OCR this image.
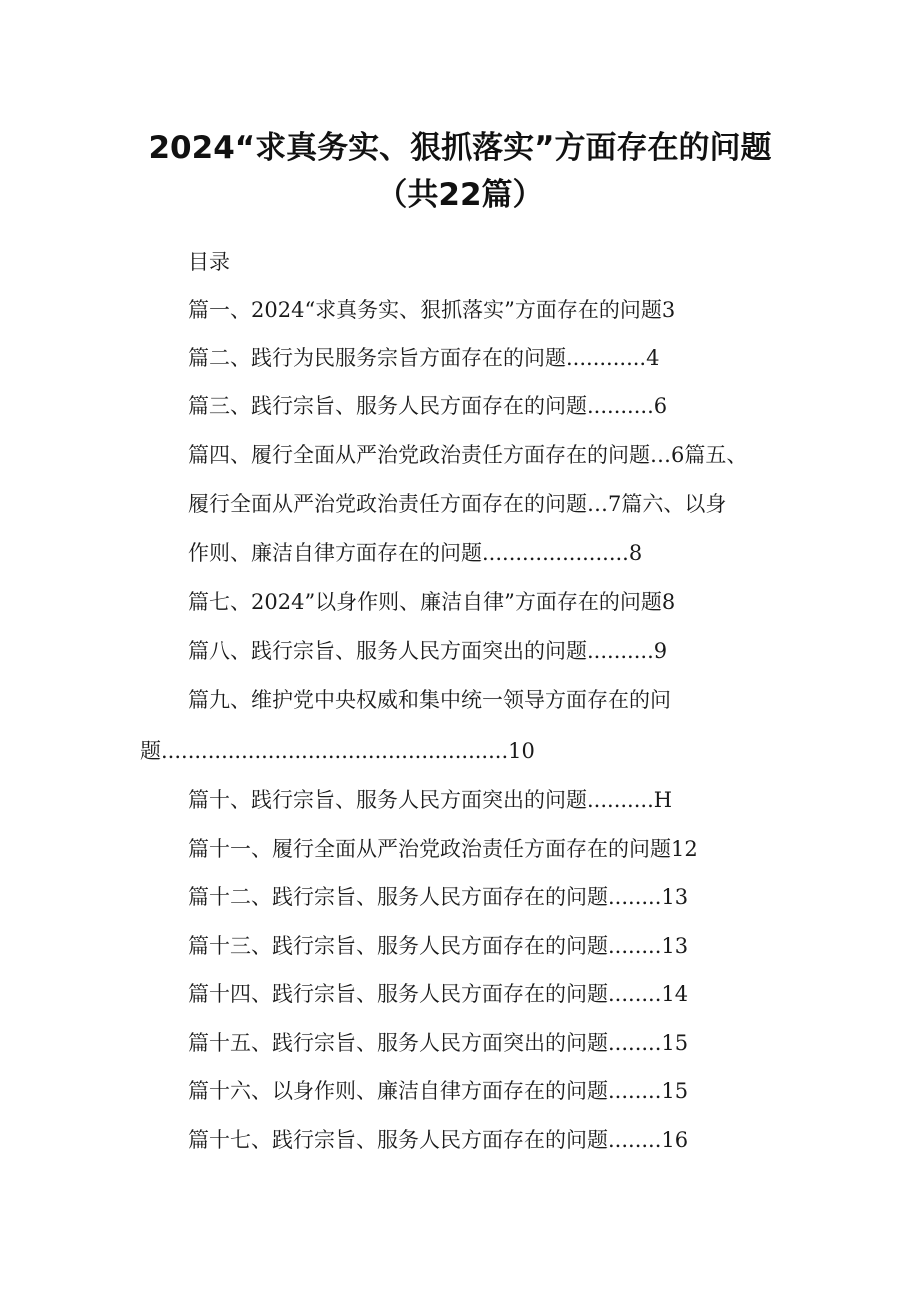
2024“求真务实、狠抓落实”方面存在的问题
（共22篇）
目录
篇一、2024“求真务实、狠抓落实”方面存在的问题3
篇二、践行为民服务宗旨方面存在的问题............4
篇三、践行宗旨、服务人民方面存在的问题..........6
篇四、履行全面从严治党政治责任方面存在的问题…6篇五、
履行全面从严治党政治责任方面存在的问题…7篇六、以身
作则、廉洁自律方面存在的问题......................8
篇七、2024”以身作则、廉洁自律”方面存在的问题8
篇八、践行宗旨、服务人民方面突出的问题..........9
篇九、维护党中央权威和集中统一领导方面存在的问
题....................................................10
篇十、践行宗旨、服务人民方面突出的问题..........H
篇十一、履行全面从严治党政治责任方面存在的问题12
篇十二、践行宗旨、服务人民方面存在的问题........13
篇十三、践行宗旨、服务人民方面存在的问题........13
篇十四、践行宗旨、服务人民方面存在的问题........14
篇十五、践行宗旨、服务人民方面突出的问题........15
篇十六、以身作则、廉洁自律方面存在的问题........15
篇十七、践行宗旨、服务人民方面存在的问题........16
